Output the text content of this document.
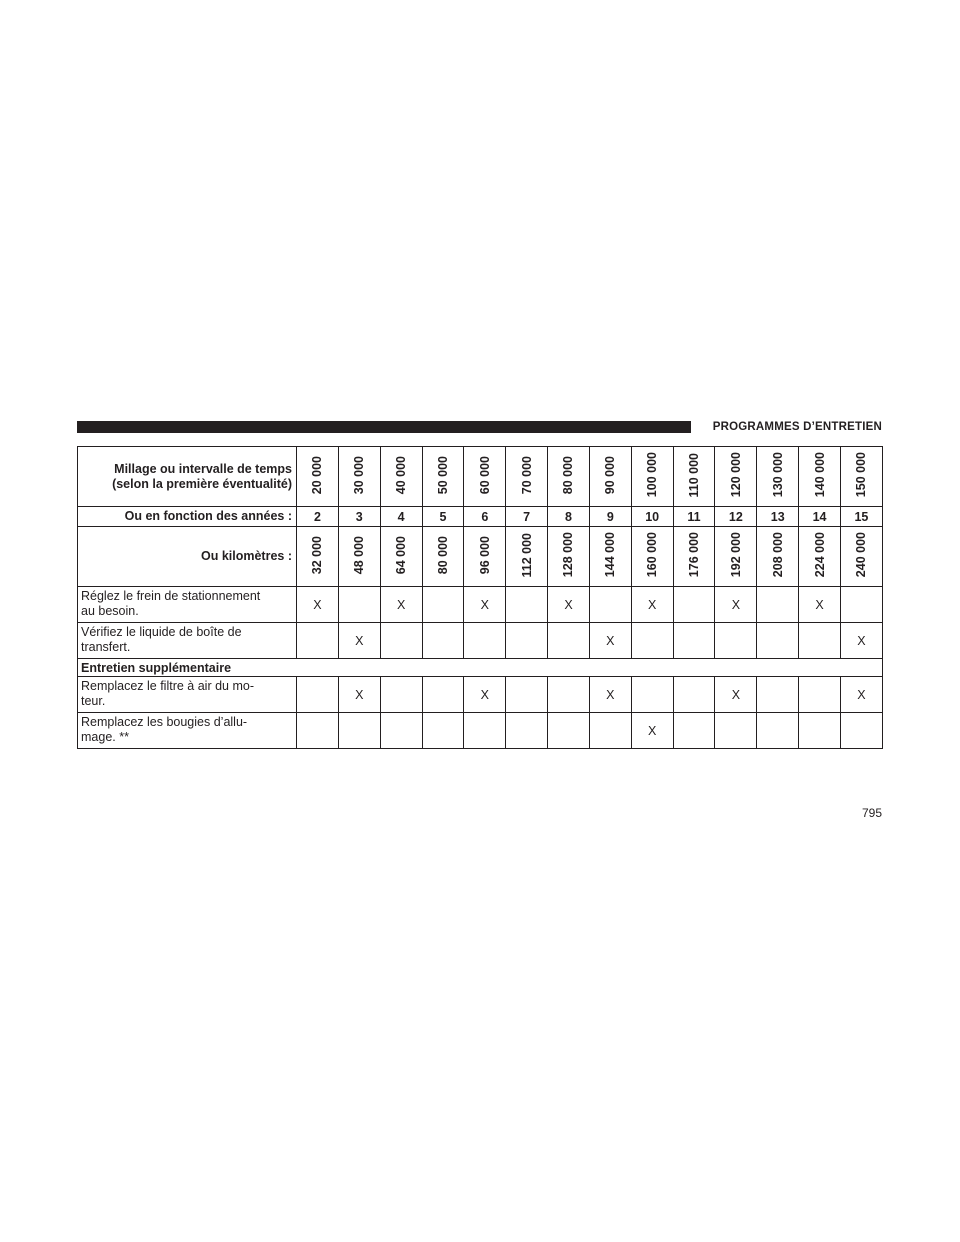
PROGRAMMES D’ENTRETIEN
Millage ou intervalle de temps
(selon la première éventualité)	20 000	30 000	40 000	50 000	60 000	70 000	80 000	90 000	100 000	110 000	120 000	130 000	140 000	150 000
Ou en fonction des années :	2	3	4	5	6	7	8	9	10	11	12	13	14	15
Ou kilomètres :	32 000	48 000	64 000	80 000	96 000	112 000	128 000	144 000	160 000	176 000	192 000	208 000	224 000	240 000
Réglez le frein de stationnement
au besoin.	X		X		X		X		X		X		X	
Vérifiez le liquide de boîte de
transfert.		X						X						X
Entretien supplémentaire														
Remplacez le filtre à air du mo-
teur.		X			X			X			X			X
Remplacez les bougies d’allu-
mage. **									X					
795
